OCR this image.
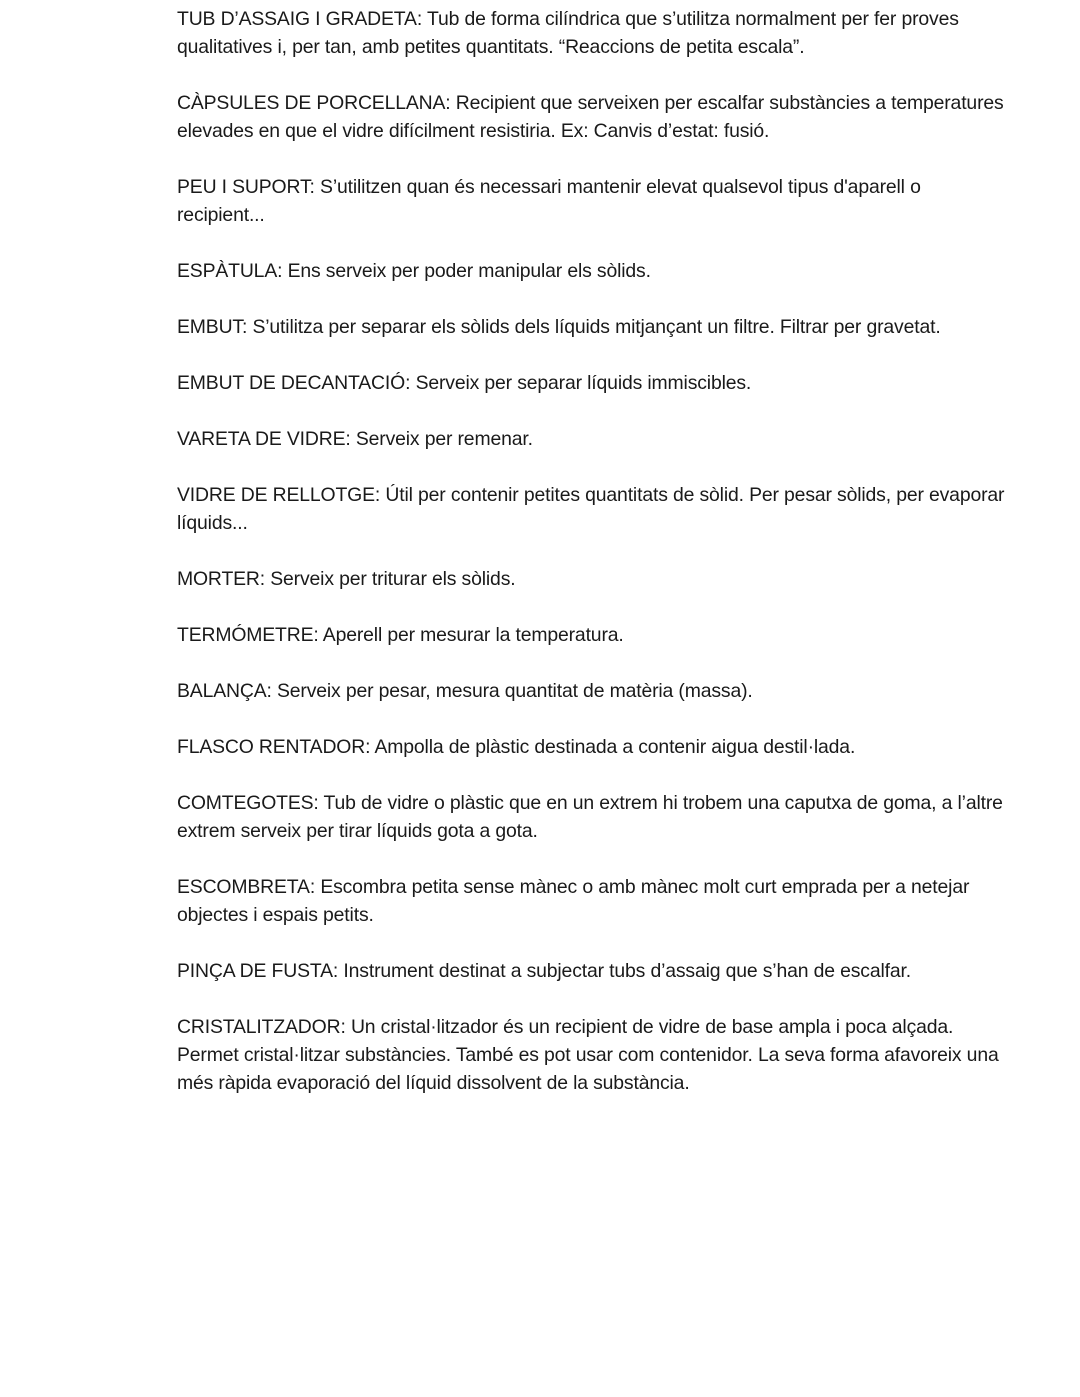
TUB D’ASSAIG I GRADETA: Tub de forma cilíndrica que s’utilitza normalment per fer proves qualitatives i, per tan, amb petites quantitats. “Reaccions de petita escala”.

CÀPSULES DE PORCELLANA: Recipient que serveixen per escalfar substàncies a temperatures elevades en que el vidre difícilment resistiria. Ex: Canvis d’estat: fusió.

PEU I SUPORT: S’utilitzen quan és necessari mantenir elevat qualsevol tipus d'aparell o recipient...

ESPÀTULA: Ens serveix per poder manipular els sòlids.

EMBUT: S’utilitza per separar els sòlids dels líquids mitjançant un filtre. Filtrar per gravetat.

EMBUT DE DECANTACIÓ: Serveix per separar líquids immiscibles.

VARETA DE VIDRE: Serveix per remenar.

VIDRE DE RELLOTGE: Útil per contenir petites quantitats de sòlid. Per pesar sòlids, per evaporar líquids...

MORTER: Serveix per triturar els sòlids.

TERMÓMETRE: Aperell per mesurar la temperatura.

BALANÇA: Serveix per pesar, mesura quantitat de matèria (massa).

FLASCO RENTADOR: Ampolla de plàstic destinada a contenir aigua destil·lada.

COMTEGOTES: Tub de vidre o plàstic que en un extrem hi trobem una caputxa de goma, a l’altre extrem serveix per tirar líquids gota a gota.

ESCOMBRETA: Escombra petita sense mànec o amb mànec molt curt emprada per a netejar objectes i espais petits.

PINÇA DE FUSTA: Instrument destinat a subjectar tubs d’assaig que s’han de escalfar.

CRISTALITZADOR: Un cristal·litzador és un recipient de vidre de base ampla i poca alçada. Permet cristal·litzar substàncies. També es pot usar com contenidor. La seva forma afavoreix una més ràpida evaporació del líquid dissolvent de la substància.
